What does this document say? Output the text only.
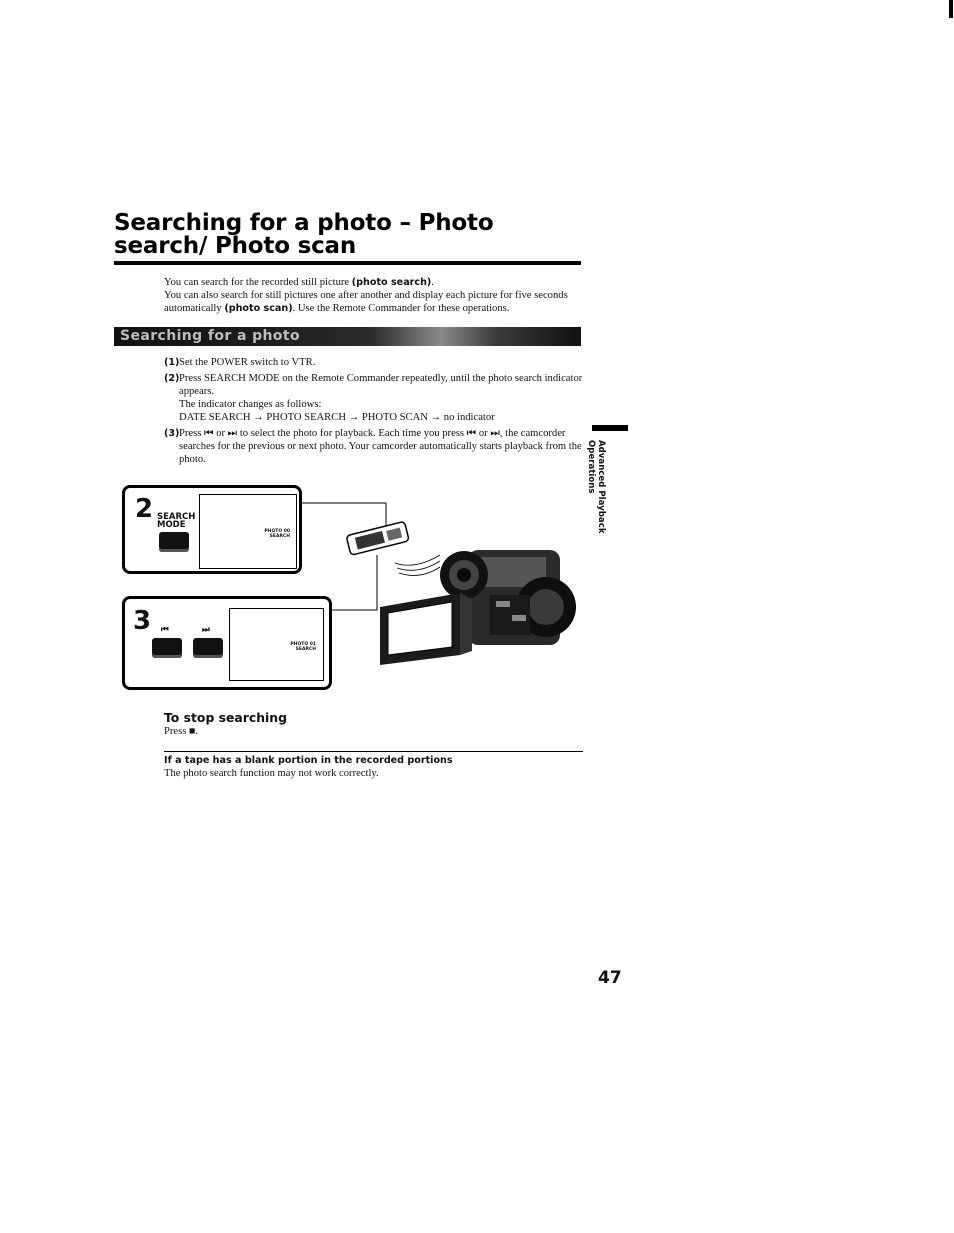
Searching for a photo – Photo search/ Photo scan

You can search for the recorded still picture (photo search).

You can also search for still pictures one after another and display each picture for five seconds automatically (photo scan). Use the Remote Commander for these operations.

Searching for a photo
(1) Set the POWER switch to VTR.

(2) Press SEARCH MODE on the Remote Commander repeatedly, until the photo search indicator appears.

The indicator changes as follows:

DATE SEARCH → PHOTO SEARCH → PHOTO SCAN → no indicator

(3) Press ⏮ or ⏭ to select the photo for playback. Each time you press ⏮ or ⏭, the camcorder searches for the previous or next photo. Your camcorder automatically starts playback from the photo.	Advanced Playback Operations
2 SEARCH MODE
PHOTO 00 SEARCH
3 ⏮	⏭
PHOTO 01 SEARCH
To stop searching
Press ■.
If a tape has a blank portion in the recorded portions
The photo search function may not work correctly.
47
